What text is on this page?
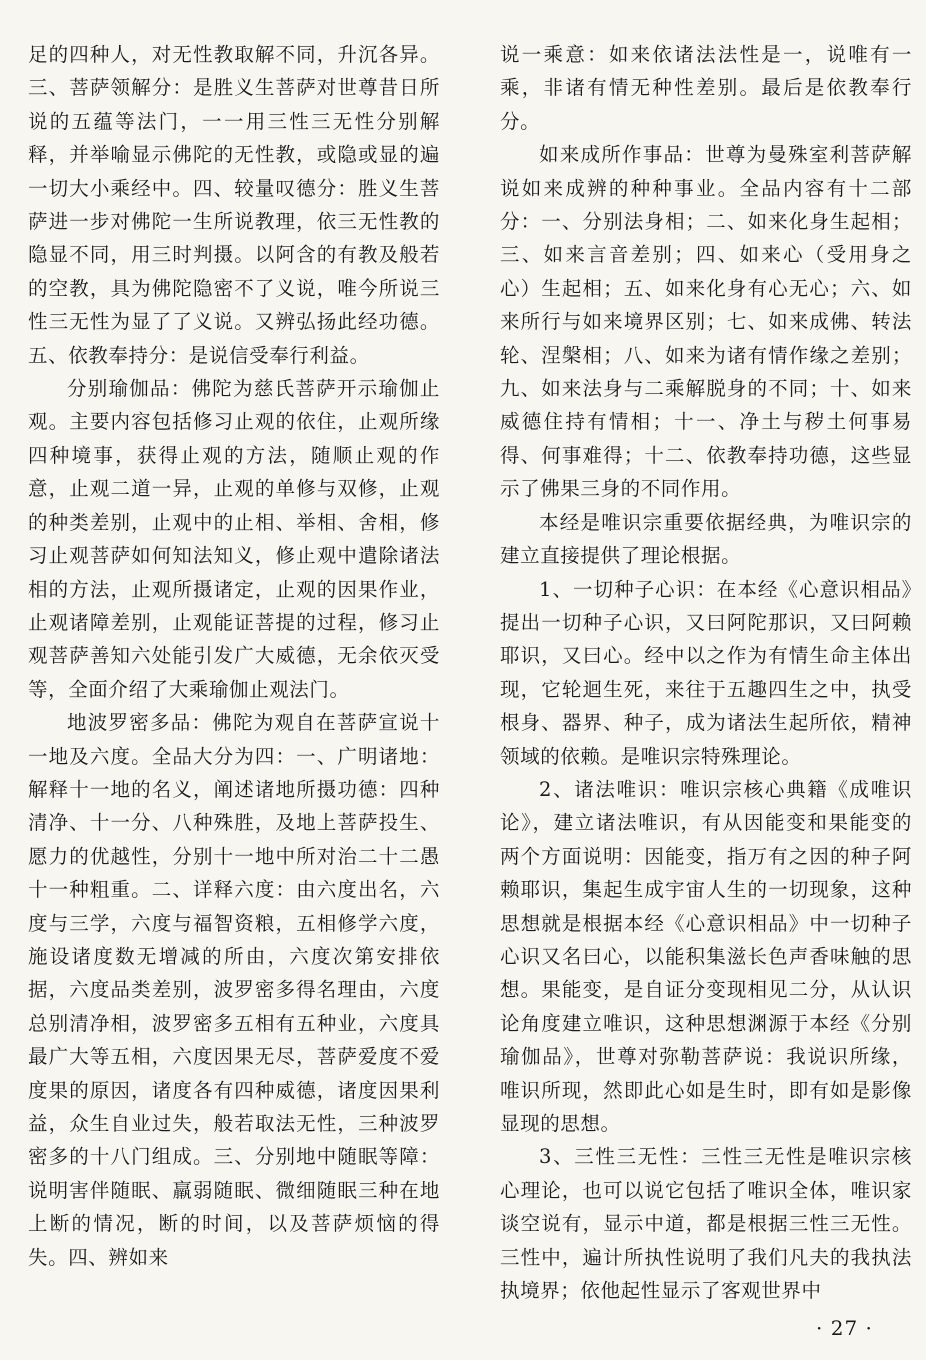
足的四种人，对无性教取解不同，升沉各异。三、菩萨领解分：是胜义生菩萨对世尊昔日所说的五蕴等法门，一一用三性三无性分别解释，并举喻显示佛陀的无性教，或隐或显的遍一切大小乘经中。四、较量叹德分：胜义生菩萨进一步对佛陀一生所说教理，依三无性教的隐显不同，用三时判摄。以阿含的有教及般若的空教，具为佛陀隐密不了义说，唯今所说三性三无性为显了了义说。又辨弘扬此经功德。五、依教奉持分：是说信受奉行利益。

分别瑜伽品：佛陀为慈氏菩萨开示瑜伽止观。主要内容包括修习止观的依住，止观所缘四种境事，获得止观的方法，随顺止观的作意，止观二道一异，止观的单修与双修，止观的种类差别，止观中的止相、举相、舍相，修习止观菩萨如何知法知义，修止观中遣除诸法相的方法，止观所摄诸定，止观的因果作业，止观诸障差别，止观能证菩提的过程，修习止观菩萨善知六处能引发广大威德，无余依灭受等，全面介绍了大乘瑜伽止观法门。

地波罗密多品：佛陀为观自在菩萨宣说十一地及六度。全品大分为四：一、广明诸地：解释十一地的名义，阐述诸地所摄功德：四种清净、十一分、八种殊胜，及地上菩萨投生、愿力的优越性，分别十一地中所对治二十二愚十一种粗重。二、详释六度：由六度出名，六度与三学，六度与福智资粮，五相修学六度，施设诸度数无增减的所由，六度次第安排依据，六度品类差别，波罗密多得名理由，六度总别清净相，波罗密多五相有五种业，六度具最广大等五相，六度因果无尽，菩萨爱度不爱度果的原因，诸度各有四种威德，诸度因果利益，众生自业过失，般若取法无性，三种波罗密多的十八门组成。三、分别地中随眠等障：说明害伴随眠、羸弱随眠、微细随眠三种在地上断的情况，断的时间，以及菩萨烦恼的得失。四、辨如来

说一乘意：如来依诸法法性是一，说唯有一乘，非诸有情无种性差别。最后是依教奉行分。

如来成所作事品：世尊为曼殊室利菩萨解说如来成辨的种种事业。全品内容有十二部分：一、分别法身相；二、如来化身生起相；三、如来言音差别；四、如来心（受用身之心）生起相；五、如来化身有心无心；六、如来所行与如来境界区别；七、如来成佛、转法轮、涅槃相；八、如来为诸有情作缘之差别；九、如来法身与二乘解脱身的不同；十、如来威德住持有情相；十一、净土与秽土何事易得、何事难得；十二、依教奉持功德，这些显示了佛果三身的不同作用。

本经是唯识宗重要依据经典，为唯识宗的建立直接提供了理论根据。

1、一切种子心识：在本经《心意识相品》提出一切种子心识，又曰阿陀那识，又曰阿赖耶识，又曰心。经中以之作为有情生命主体出现，它轮迴生死，来往于五趣四生之中，执受根身、器界、种子，成为诸法生起所依，精神领域的依赖。是唯识宗特殊理论。

2、诸法唯识：唯识宗核心典籍《成唯识论》，建立诸法唯识，有从因能变和果能变的两个方面说明：因能变，指万有之因的种子阿赖耶识，集起生成宇宙人生的一切现象，这种思想就是根据本经《心意识相品》中一切种子心识又名曰心，以能积集滋长色声香味触的思想。果能变，是自证分变现相见二分，从认识论角度建立唯识，这种思想渊源于本经《分别瑜伽品》，世尊对弥勒菩萨说：我说识所缘，唯识所现，然即此心如是生时，即有如是影像显现的思想。

3、三性三无性：三性三无性是唯识宗核心理论，也可以说它包括了唯识全体，唯识家谈空说有，显示中道，都是根据三性三无性。三性中，遍计所执性说明了我们凡夫的我执法执境界；依他起性显示了客观世界中

· 27 ·
